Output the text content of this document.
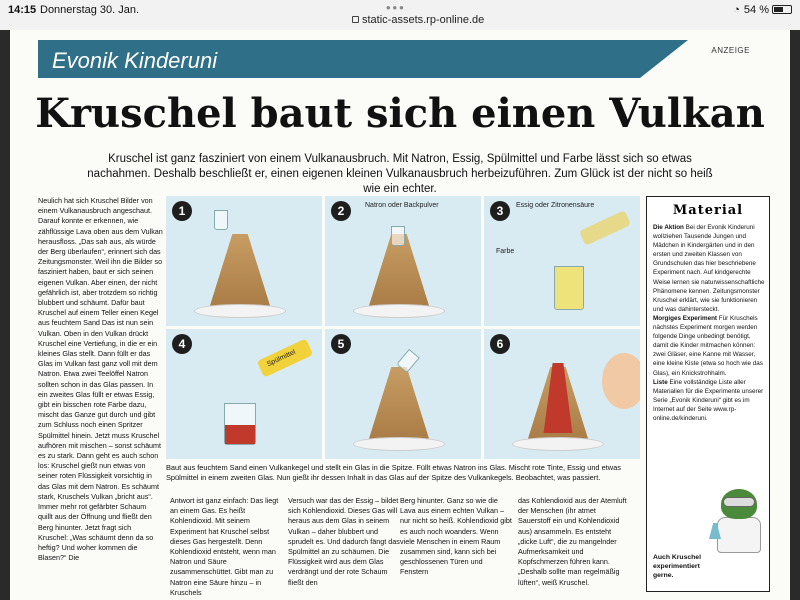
14:15 Donnerstag 30. Jan.	•••
static-assets.rp-online.de
◔ 54 %
Evonik Kinderuni	ANZEIGE
Kruschel baut sich einen Vulkan
Kruschel ist ganz fasziniert von einem Vulkanausbruch. Mit Natron, Essig, Spülmittel und Farbe lässt sich so etwas nachahmen. Deshalb beschließt er, einen eigenen kleinen Vulkanausbruch herbeizuführen. Zum Glück ist der nicht so heiß wie ein echter.
Neulich hat sich Kruschel Bilder von einem Vulkanausbruch angeschaut. Darauf konnte er erkennen, wie zähflüssige Lava oben aus dem Vulkan herausfloss. „Das sah aus, als würde der Berg überlaufen“, erinnert sich das Zeitungsmonster. Weil ihn die Bilder so fasziniert haben, baut er sich seinen eigenen Vulkan. Aber einen, der nicht gefährlich ist, aber trotzdem so richtig blubbert und schäumt. Dafür baut Kruschel auf einem Teller einen Kegel aus feuchtem Sand Das ist nun sein Vulkan. Oben in den Vulkan drückt Kruschel eine Vertiefung, in die er ein kleines Glas stellt. Dann füllt er das Glas im Vulkan fast ganz voll mit dem Natron. Etwa zwei Teelöffel Natron sollten schon in das Glas passen. In ein zweites Glas füllt er etwas Essig, gibt ein bisschen rote Farbe dazu, mischt das Ganze gut durch und gibt zum Schluss noch einen Spritzer Spülmittel hinein. Jetzt muss Kruschel aufhören mit mischen – sonst schäumt es zu stark. Dann geht es auch schon los: Kruschel gießt nun etwas von seiner roten Flüssigkeit vorsichtig in das Glas mit dem Natron. Es schäumt stark, Kruschels Vulkan „bricht aus“. Immer mehr rot gefärbter Schaum quillt aus der Öffnung und fließt den Berg hinunter. Jetzt fragt sich Kruschel: „Was schäumt denn da so heftig? Und woher kommen die Blasen?“ Die
1	2	Natron oder Backpulver	3	Essig oder Zitronensäure
Farbe
4
Spülmittel
5	6
Baut aus feuchtem Sand einen Vulkankegel und stellt ein Glas in die Spitze. Füllt etwas Natron ins Glas. Mischt rote Tinte, Essig und etwas Spülmittel in einem zweiten Glas. Nun gießt ihr dessen Inhalt in das Glas auf der Spitze des Vulkankegels. Beobachtet, was passiert.
Antwort ist ganz einfach: Das liegt an einem Gas. Es heißt Kohlendioxid. Mit seinem Experiment hat Kruschel selbst dieses Gas hergestellt. Denn Kohlendioxid entsteht, wenn man Natron und Säure zusammenschüttet. Gibt man zu Natron eine Säure hinzu – in Kruschels
Versuch war das der Essig – bildet sich Kohlendioxid. Dieses Gas will heraus aus dem Glas in seinem Vulkan – daher blubbert und sprudelt es. Und dadurch fängt das Spülmittel an zu schäumen. Die Flüssigkeit wird aus dem Glas verdrängt und der rote Schaum fließt den
Berg hinunter. Ganz so wie die Lava aus einem echten Vulkan – nur nicht so heiß. Kohlendioxid gibt es auch noch woanders. Wenn viele Menschen in einem Raum zusammen sind, kann sich bei geschlossenen Türen und Fenstern
das Kohlendioxid aus der Atemluft der Menschen (ihr atmet Sauerstoff ein und Kohlendioxid aus) ansammeln. Es entsteht „dicke Luft“, die zu mangelnder Aufmerksamkeit und Kopfschmerzen führen kann. „Deshalb sollte man regelmäßig lüften“, weiß Kruschel.
Material
Die Aktion Bei der Evonik Kinderuni wollziehen Tausende Jungen und Mädchen in Kindergärten und in den ersten und zweiten Klassen von Grundschulen das hier beschriebene Experiment nach. Auf kindgerechte Weise lernen sie naturwissenschaftliche Phänomene kennen. Zeitungsmonster Kruschel erklärt, wie sie funktionieren und was dahintersteckt.
Morgiges Experiment Für Kruschels nächstes Experiment morgen werden folgende Dinge unbedingt benötigt, damit die Kinder mitmachen können: zwei Gläser, eine Kanne mit Wasser, eine kleine Kiste (etwa so hoch wie das Glas), ein Knickstrohhalm.
Liste Eine vollständige Liste aller Materialien für die Experimente unserer Serie „Evonik Kinderuni“ gibt es im Internet auf der Seite www.rp-online.de/kinderuni.
Auch Kruschel experimentiert gerne.
